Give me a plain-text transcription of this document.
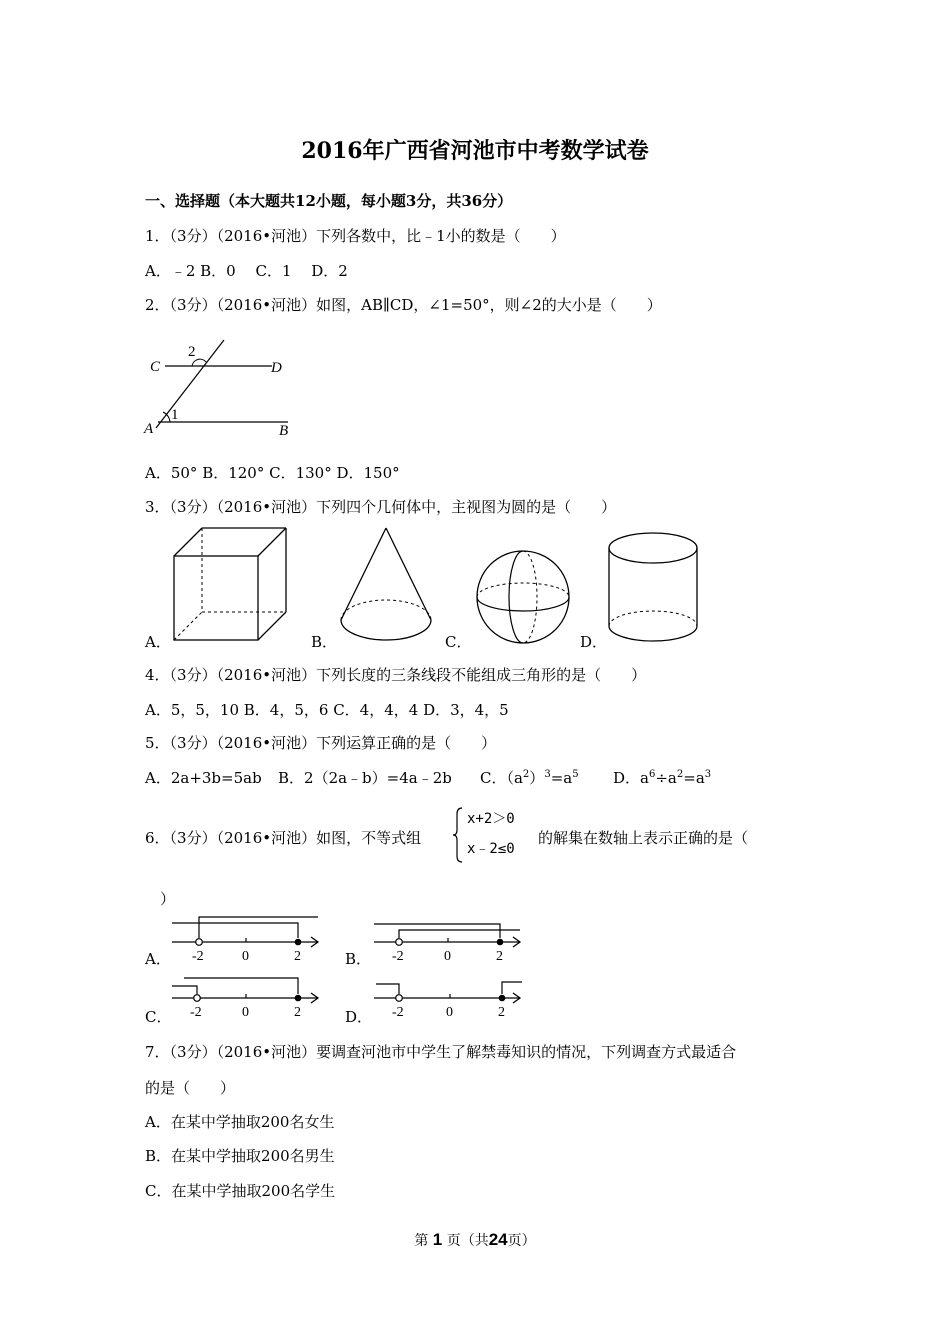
2016年广西省河池市中考数学试卷
一、选择题（本大题共12小题，每小题3分，共36分）
1．（3分）（2016•河池）下列各数中，比﹣1小的数是（　　）
A．﹣2 B．0　 C．1　 D．2
2．（3分）（2016•河池）如图，AB∥CD，∠1=50°，则∠2的大小是（　　）
C	D
A	B
1
2
A．50° B．120° C．130° D．150°
3．（3分）（2016•河池）下列四个几何体中，主视图为圆的是（　　）
A．	B．	C．	D．
4．（3分）（2016•河池）下列长度的三条线段不能组成三角形的是（　　）
A．5，5，10 B．4，5，6 C．4，4，4 D．3，4，5
5．（3分）（2016•河池）下列运算正确的是（　　）
A．2a+3b=5ab B．2（2a﹣b）=4a﹣2b C．$(a^2)^3=a^5$ D．$a^6\div a^2=a^3$
6．（3分）（2016•河池）如图，不等式组
x+2＞0
x﹣2≤0
的解集在数轴上表示正确的是（
）
A．	B．
C．	D．
-2	0	2	-2	0	2
-2	0	2	-2	0	2
7．（3分）（2016•河池）要调查河池市中学生了解禁毒知识的情况，下列调查方式最适合
的是（　　）
A．在某中学抽取200名女生
B．在某中学抽取200名男生
C．在某中学抽取200名学生
第 1 页（共24页）
